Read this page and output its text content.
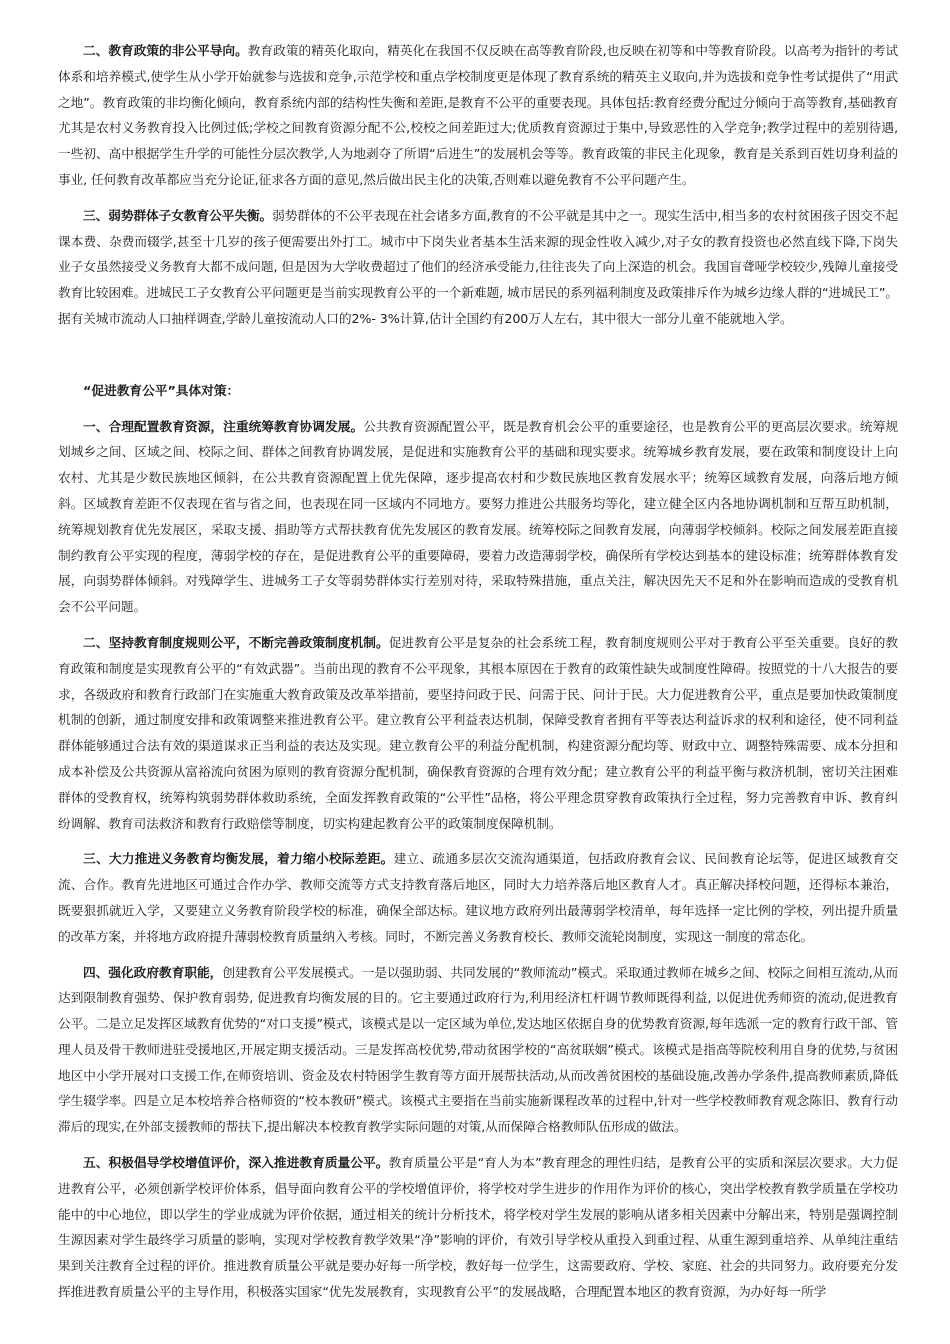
二、教育政策的非公平导向。教育政策的精英化取向，精英化在我国不仅反映在高等教育阶段,也反映在初等和中等教育阶段。以高考为指针的考试体系和培养模式,使学生从小学开始就参与选拔和竞争,示范学校和重点学校制度更是体现了教育系统的精英主义取向,并为选拔和竞争性考试提供了“用武之地”。教育政策的非均衡化倾向，教育系统内部的结构性失衡和差距,是教育不公平的重要表现。具体包括:教育经费分配过分倾向于高等教育,基础教育尤其是农村义务教育投入比例过低;学校之间教育资源分配不公,校校之间差距过大;优质教育资源过于集中,导致恶性的入学竞争;教学过程中的差别待遇,一些初、高中根据学生升学的可能性分层次教学,人为地剥夺了所谓“后进生”的发展机会等等。教育政策的非民主化现象，教育是关系到百姓切身利益的事业, 任何教育改革都应当充分论证,征求各方面的意见,然后做出民主化的决策,否则难以避免教育不公平问题产生。

三、弱势群体子女教育公平失衡。弱势群体的不公平表现在社会诸多方面,教育的不公平就是其中之一。现实生活中,相当多的农村贫困孩子因交不起课本费、杂费而辍学,甚至十几岁的孩子便需要出外打工。城市中下岗失业者基本生活来源的现金性收入减少,对子女的教育投资也必然直线下降,下岗失业子女虽然接受义务教育大都不成问题, 但是因为大学收费超过了他们的经济承受能力,往往丧失了向上深造的机会。我国盲聋哑学校较少,残障儿童接受教育比较困难。进城民工子女教育公平问题更是当前实现教育公平的一个新难题, 城市居民的系列福利制度及政策排斥作为城乡边缘人群的“进城民工”。据有关城市流动人口抽样调查,学龄儿童按流动人口的2%- 3%计算,估计全国约有200万人左右，其中很大一部分儿童不能就地入学。

“促进教育公平”具体对策：

一、合理配置教育资源，注重统筹教育协调发展。公共教育资源配置公平，既是教育机会公平的重要途径，也是教育公平的更高层次要求。统筹规划城乡之间、区域之间、校际之间、群体之间教育协调发展，是促进和实施教育公平的基础和现实要求。统筹城乡教育发展，要在政策和制度设计上向农村、尤其是少数民族地区倾斜，在公共教育资源配置上优先保障，逐步提高农村和少数民族地区教育发展水平；统筹区域教育发展，向落后地方倾斜。区域教育差距不仅表现在省与省之间，也表现在同一区域内不同地方。要努力推进公共服务均等化，建立健全区内各地协调机制和互帮互助机制，统筹规划教育优先发展区，采取支援、捐助等方式帮扶教育优先发展区的教育发展。统筹校际之间教育发展，向薄弱学校倾斜。校际之间发展差距直接制约教育公平实现的程度，薄弱学校的存在，是促进教育公平的重要障碍，要着力改造薄弱学校，确保所有学校达到基本的建设标准；统筹群体教育发展，向弱势群体倾斜。对残障学生、进城务工子女等弱势群体实行差别对待，采取特殊措施，重点关注，解决因先天不足和外在影响而造成的受教育机会不公平问题。

二、坚持教育制度规则公平，不断完善政策制度机制。促进教育公平是复杂的社会系统工程，教育制度规则公平对于教育公平至关重要。良好的教育政策和制度是实现教育公平的“有效武器”。当前出现的教育不公平现象，其根本原因在于教育的政策性缺失或制度性障碍。按照党的十八大报告的要求，各级政府和教育行政部门在实施重大教育政策及改革举措前，要坚持问政于民、问需于民、问计于民。大力促进教育公平，重点是要加快政策制度机制的创新，通过制度安排和政策调整来推进教育公平。建立教育公平利益表达机制，保障受教育者拥有平等表达利益诉求的权利和途径，使不同利益群体能够通过合法有效的渠道谋求正当利益的表达及实现。建立教育公平的利益分配机制，构建资源分配均等、财政中立、调整特殊需要、成本分担和成本补偿及公共资源从富裕流向贫困为原则的教育资源分配机制，确保教育资源的合理有效分配；建立教育公平的利益平衡与救济机制，密切关注困难群体的受教育权，统筹构筑弱势群体救助系统，全面发挥教育政策的“公平性”品格，将公平理念贯穿教育政策执行全过程，努力完善教育申诉、教育纠纷调解、教育司法救济和教育行政赔偿等制度，切实构建起教育公平的政策制度保障机制。

三、大力推进义务教育均衡发展，着力缩小校际差距。建立、疏通多层次交流沟通渠道，包括政府教育会议、民间教育论坛等，促进区域教育交流、合作。教育先进地区可通过合作办学、教师交流等方式支持教育落后地区，同时大力培养落后地区教育人才。真正解决择校问题，还得标本兼治，既要狠抓就近入学，又要建立义务教育阶段学校的标准，确保全部达标。建议地方政府列出最薄弱学校清单，每年选择一定比例的学校，列出提升质量的改革方案，并将地方政府提升薄弱校教育质量纳入考核。同时，不断完善义务教育校长、教师交流轮岗制度，实现这一制度的常态化。

四、强化政府教育职能，创建教育公平发展模式。一是以强助弱、共同发展的“教师流动”模式。采取通过教师在城乡之间、校际之间相互流动,从而达到限制教育强势、保护教育弱势, 促进教育均衡发展的目的。它主要通过政府行为,利用经济杠杆调节教师既得利益, 以促进优秀师资的流动,促进教育公平。二是立足发挥区域教育优势的“对口支援”模式，该模式是以一定区域为单位,发达地区依据自身的优势教育资源,每年选派一定的教育行政干部、管理人员及骨干教师进驻受援地区,开展定期支援活动。三是发挥高校优势,带动贫困学校的“高贫联姻”模式。该模式是指高等院校利用自身的优势,与贫困地区中小学开展对口支援工作,在师资培训、资金及农村特困学生教育等方面开展帮扶活动,从而改善贫困校的基础设施,改善办学条件,提高教师素质,降低学生辍学率。四是立足本校培养合格师资的“校本教研”模式。该模式主要指在当前实施新课程改革的过程中,针对一些学校教师教育观念陈旧、教育行动滞后的现实,在外部支援教师的帮扶下,提出解决本校教育教学实际问题的对策,从而保障合格教师队伍形成的做法。

五、积极倡导学校增值评价，深入推进教育质量公平。教育质量公平是“育人为本”教育理念的理性归结，是教育公平的实质和深层次要求。大力促进教育公平，必须创新学校评价体系，倡导面向教育公平的学校增值评价，将学校对学生进步的作用作为评价的核心，突出学校教育教学质量在学校功能中的中心地位，即以学生的学业成就为评价依据，通过相关的统计分析技术，将学校对学生发展的影响从诸多相关因素中分解出来，特别是强调控制生源因素对学生最终学习质量的影响，实现对学校教育教学效果“净”影响的评价，有效引导学校从重投入到重过程、从重生源到重培养、从单纯注重结果到关注教育全过程的评价。推进教育质量公平就是要办好每一所学校，教好每一位学生，这需要政府、学校、家庭、社会的共同努力。政府要充分发挥推进教育质量公平的主导作用，积极落实国家“优先发展教育，实现教育公平”的发展战略，合理配置本地区的教育资源，为办好每一所学
